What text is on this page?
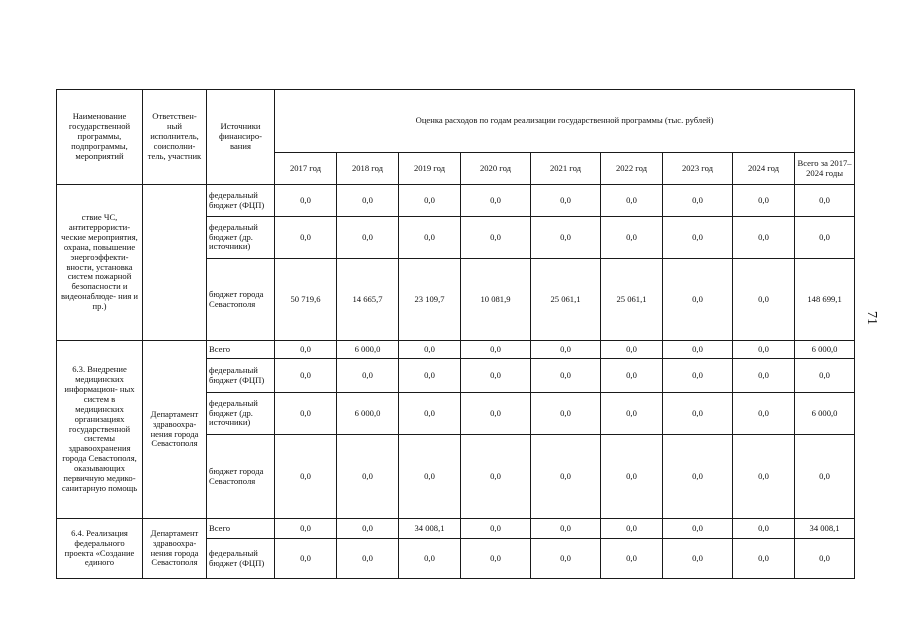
Наименование государственной программы, подпрограммы, мероприятий	Ответствен- ный исполнитель, соисполни- тель, участник	Источники финансиро- вания	Оценка расходов по годам реализации государственной программы (тыс. рублей)								
			2017 год	2018 год	2019 год	2020 год	2021 год	2022 год	2023 год	2024 год	Всего за 2017–2024 годы
ствие ЧС, антитеррористи- ческие мероприятия, охрана, повышение энергоэффекти- вности, установка систем пожарной безопасности и видеонаблюде- ния и пр.)		федеральный бюджет (ФЦП)	0,0	0,0	0,0	0,0	0,0	0,0	0,0	0,0	0,0
		федеральный бюджет (др. источники)	0,0	0,0	0,0	0,0	0,0	0,0	0,0	0,0	0,0
		бюджет города Севастополя	50 719,6	14 665,7	23 109,7	10 081,9	25 061,1	25 061,1	0,0	0,0	148 699,1
6.3. Внедрение медицинских информацион- ных систем в медицинских организациях государственной системы здравоохранения города Севастополя, оказывающих первичную медико- санитарную помощь	Департамент здравоохра- нения города Севастополя	Всего	0,0	6 000,0	0,0	0,0	0,0	0,0	0,0	0,0	6 000,0
		федеральный бюджет (ФЦП)	0,0	0,0	0,0	0,0	0,0	0,0	0,0	0,0	0,0
		федеральный бюджет (др. источники)	0,0	6 000,0	0,0	0,0	0,0	0,0	0,0	0,0	6 000,0
		бюджет города Севастополя	0,0	0,0	0,0	0,0	0,0	0,0	0,0	0,0	0,0
6.4. Реализация федерального проекта «Создание единого	Департамент здравоохра- нения города Севастополя	Всего	0,0	0,0	34 008,1	0,0	0,0	0,0	0,0	0,0	34 008,1
		федеральный бюджет (ФЦП)	0,0	0,0	0,0	0,0	0,0	0,0	0,0	0,0	0,0
71
